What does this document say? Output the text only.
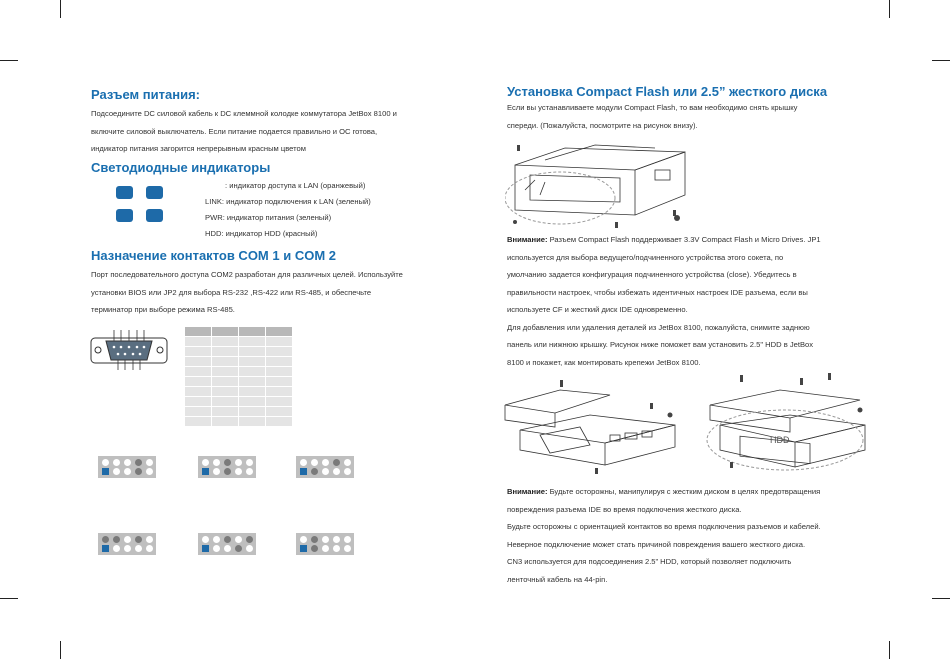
Разъем питания:
Подсоедините DC силовой кабель к DC клеммной колодке коммутатора JetBox 8100 и
включите силовой выключатель. Если питание подается правильно и ОС готова,
индикатор питания загорится непрерывным красным цветом
Светодиодные индикаторы
: индикатор доступа к LAN (оранжевый)
LINK: индикатор подключения к LAN (зеленый)
PWR: индикатор питания (зеленый)
HDD: индикатор HDD (красный)
Назначение контактов COM 1 и COM 2
Порт последовательного доступа COM2 разработан для различных целей. Используйте
установки BIOS или JP2 для выбора RS-232 ,RS-422 или RS-485, и обеспечьте
терминатор при выборе режима RS-485.

Установка Compact Flash или 2.5” жесткого диска
Если вы устанавливаете модули Compact Flash, то вам необходимо снять крышку
спереди. (Пожалуйста, посмотрите на рисунок внизу).
Внимание: Разъем Compact Flash поддерживает 3.3V Compact Flash и Micro Drives. JP1
используется для выбора ведущего/подчиненного устройства этого сокета, по
умолчанию задается конфигурация подчиненного устройства (close). Убедитесь в
правильности настроек, чтобы избежать идентичных настроек IDE разъема, если вы
используете CF и жесткий диск IDE одновременно.
Для добавления или удаления деталей из JetBox 8100, пожалуйста, снимите заднюю
панель или нижнюю крышку. Рисунок ниже поможет вам установить 2.5" HDD в JetBox
8100 и покажет, как монтировать крепежи JetBox 8100.
HDD
Внимание: Будьте осторожны, манипулируя с жестким диском в целях предотвращения
повреждения разъема IDE во время подключения жесткого диска.
Будьте осторожны с ориентацией контактов во время подключения разъемов и кабелей.
Неверное подключение может стать причиной повреждения вашего жесткого диска.
CN3 используется для подсоединения 2.5” HDD, который позволяет подключить
ленточный кабель на 44-pin.
